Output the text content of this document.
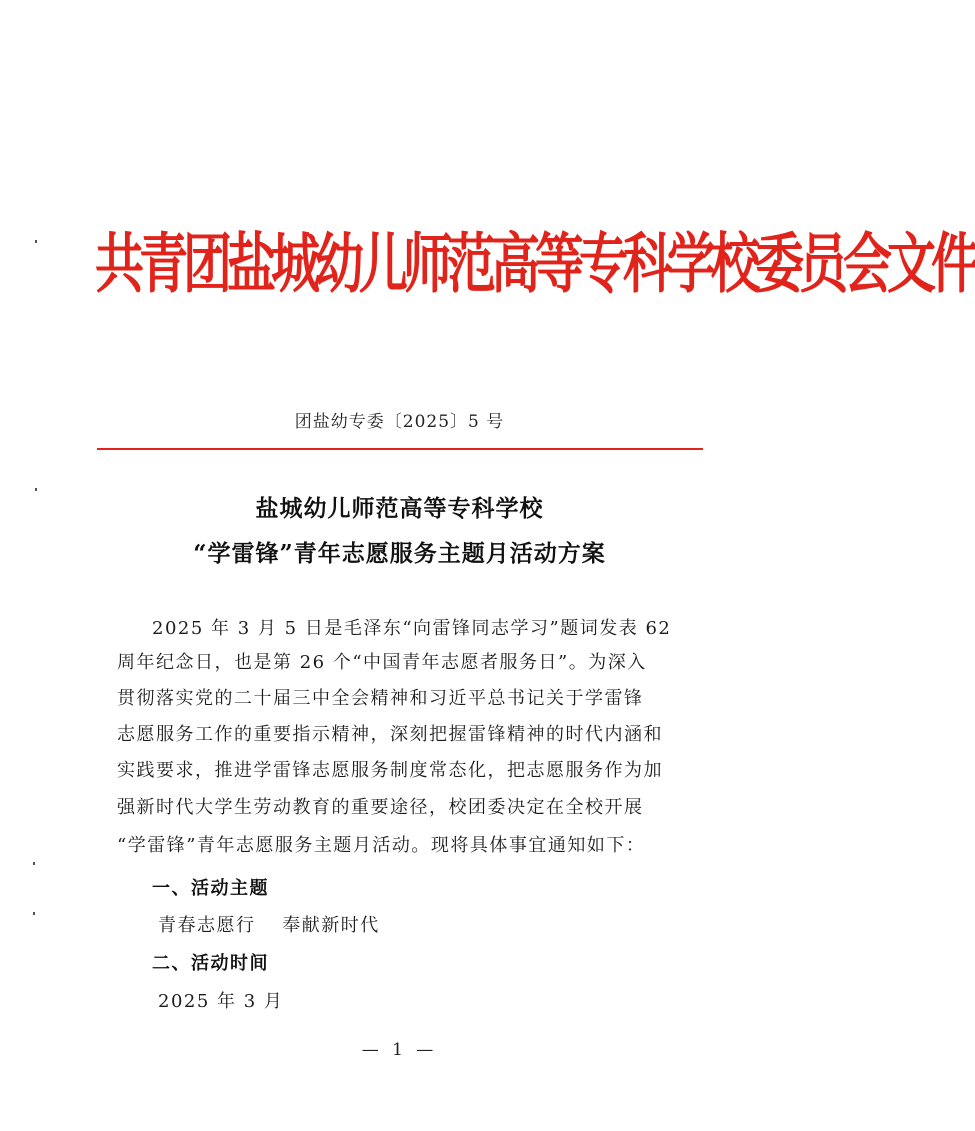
共青团盐城幼儿师范高等专科学校委员会文件
团盐幼专委〔2025〕5 号
盐城幼儿师范高等专科学校
“学雷锋”青年志愿服务主题月活动方案
2025 年 3 月 5 日是毛泽东“向雷锋同志学习”题词发表 62
周年纪念日，也是第 26 个“中国青年志愿者服务日”。为深入
贯彻落实党的二十届三中全会精神和习近平总书记关于学雷锋
志愿服务工作的重要指示精神，深刻把握雷锋精神的时代内涵和
实践要求，推进学雷锋志愿服务制度常态化，把志愿服务作为加
强新时代大学生劳动教育的重要途径，校团委决定在全校开展
“学雷锋”青年志愿服务主题月活动。现将具体事宜通知如下：
一、活动主题
青春志愿行　 奉献新时代
二、活动时间
2025 年 3 月
— 1 —
